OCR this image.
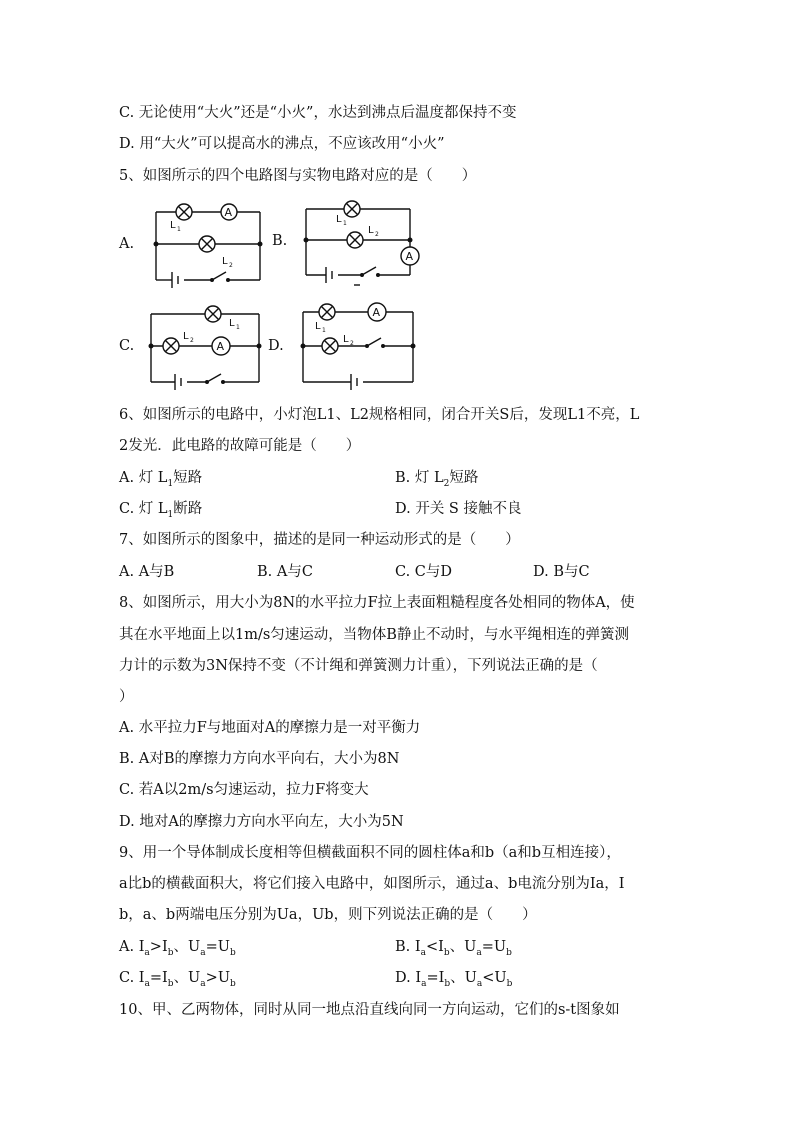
C. 无论使用“大火”还是“小火”，水达到沸点后温度都保持不变
D. 用“大火”可以提高水的沸点，不应该改用“小火”
5、如图所示的四个电路图与实物电路对应的是（　　）
A.
A
L 1
L 2
B.
A
L 1
L 2
C.	A
L 1
L 2	D.
A
L 1
L 2
6、如图所示的电路中，小灯泡L1、L2规格相同，闭合开关S后，发现L1不亮，L
2发光．此电路的故障可能是（　　）
A. 灯 $L_1$短路	B. 灯 $L_2$短路
C. 灯 $L_1$断路	D. 开关 S 接触不良
7、如图所示的图象中，描述的是同一种运动形式的是（　　）
A. A与B	B. A与C	C. C与D	D. B与C
8、如图所示，用大小为8N的水平拉力F拉上表面粗糙程度各处相同的物体A，使
其在水平地面上以1m/s匀速运动，当物体B静止不动时，与水平绳相连的弹簧测
力计的示数为3N保持不变（不计绳和弹簧测力计重），下列说法正确的是（
）
A. 水平拉力F与地面对A的摩擦力是一对平衡力
B. A对B的摩擦力方向水平向右，大小为8N
C. 若A以2m/s匀速运动，拉力F将变大
D. 地对A的摩擦力方向水平向左，大小为5N
9、用一个导体制成长度相等但横截面积不同的圆柱体a和b（a和b互相连接），
a比b的横截面积大，将它们接入电路中，如图所示，通过a、b电流分别为Ia，I
b，a、b两端电压分别为Ua，Ub，则下列说法正确的是（　　）
A. $I_a>I_b$、$U_a=U_b$	B. $I_a<I_b$、$U_a=U_b$
C. $I_a=I_b$、$U_a>U_b$	D. $I_a=I_b$、$U_a<U_b$
10、甲、乙两物体，同时从同一地点沿直线向同一方向运动，它们的s-t图象如
